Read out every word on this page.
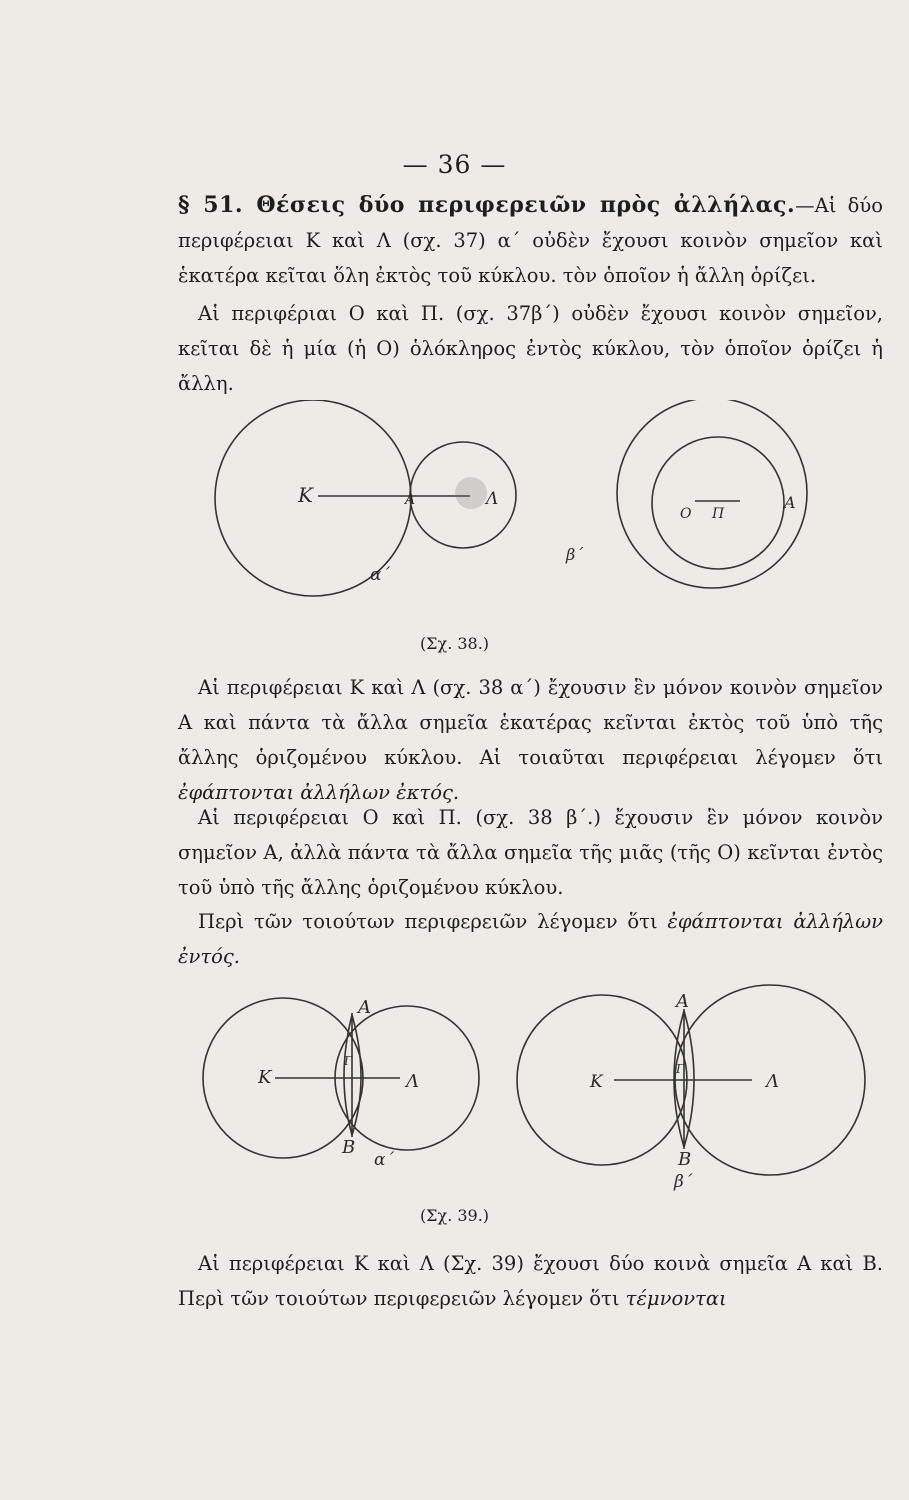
— 36 —
§ 51. Θέσεις δύο περιφερειῶν πρὸς ἀλλήλας.—Αἱ δύο περιφέρειαι Κ καὶ Λ (σχ. 37) α΄ οὐδὲν ἔχουσι κοινὸν σημεῖον καὶ ἑκατέρα κεῖται ὅλη ἐκτὸς τοῦ κύκλου. τὸν ὁποῖον ἡ ἄλλη ὁρίζει.
Αἱ περιφέριαι Ο καὶ Π. (σχ. 37β΄) οὐδὲν ἔχουσι κοινὸν σημεῖον, κεῖται δὲ ἡ μία (ἡ Ο) ὁλόκληρος ἐντὸς κύκλου, τὸν ὁποῖον ὁρίζει ἡ ἄλλη.
K	Λ
A
α΄
β΄
Ο Π
A
(Σχ. 38.)
Αἱ περιφέρειαι Κ καὶ Λ (σχ. 38 α΄) ἔχουσιν ἓν μόνον κοινὸν σημεῖον Α καὶ πάντα τὰ ἄλλα σημεῖα ἑκατέρας κεῖνται ἐκτὸς τοῦ ὑπὸ τῆς ἄλλης ὁριζομένου κύκλου. Αἱ τοιαῦται περιφέρειαι λέγομεν ὅτι ἐφάπτονται ἀλλήλων ἐκτός.
Αἱ περιφέρειαι Ο καὶ Π. (σχ. 38 β΄.) ἔχουσιν ἓν μόνον κοινὸν σημεῖον Α, ἀλλὰ πάντα τὰ ἄλλα σημεῖα τῆς μιᾶς (τῆς Ο) κεῖνται ἐντὸς τοῦ ὑπὸ τῆς ἄλλης ὁριζομένου κύκλου.
Περὶ τῶν τοιούτων περιφερειῶν λέγομεν ὅτι ἐφάπτονται ἀλλήλων ἐντός.
K	Λ
A
B
Γ
α΄
K	Λ
A
B
Γ
β΄
(Σχ. 39.)
Αἱ περιφέρειαι Κ καὶ Λ (Σχ. 39) ἔχουσι δύο κοινὰ σημεῖα Α καὶ Β. Περὶ τῶν τοιούτων περιφερειῶν λέγομεν ὅτι τέμνονται
